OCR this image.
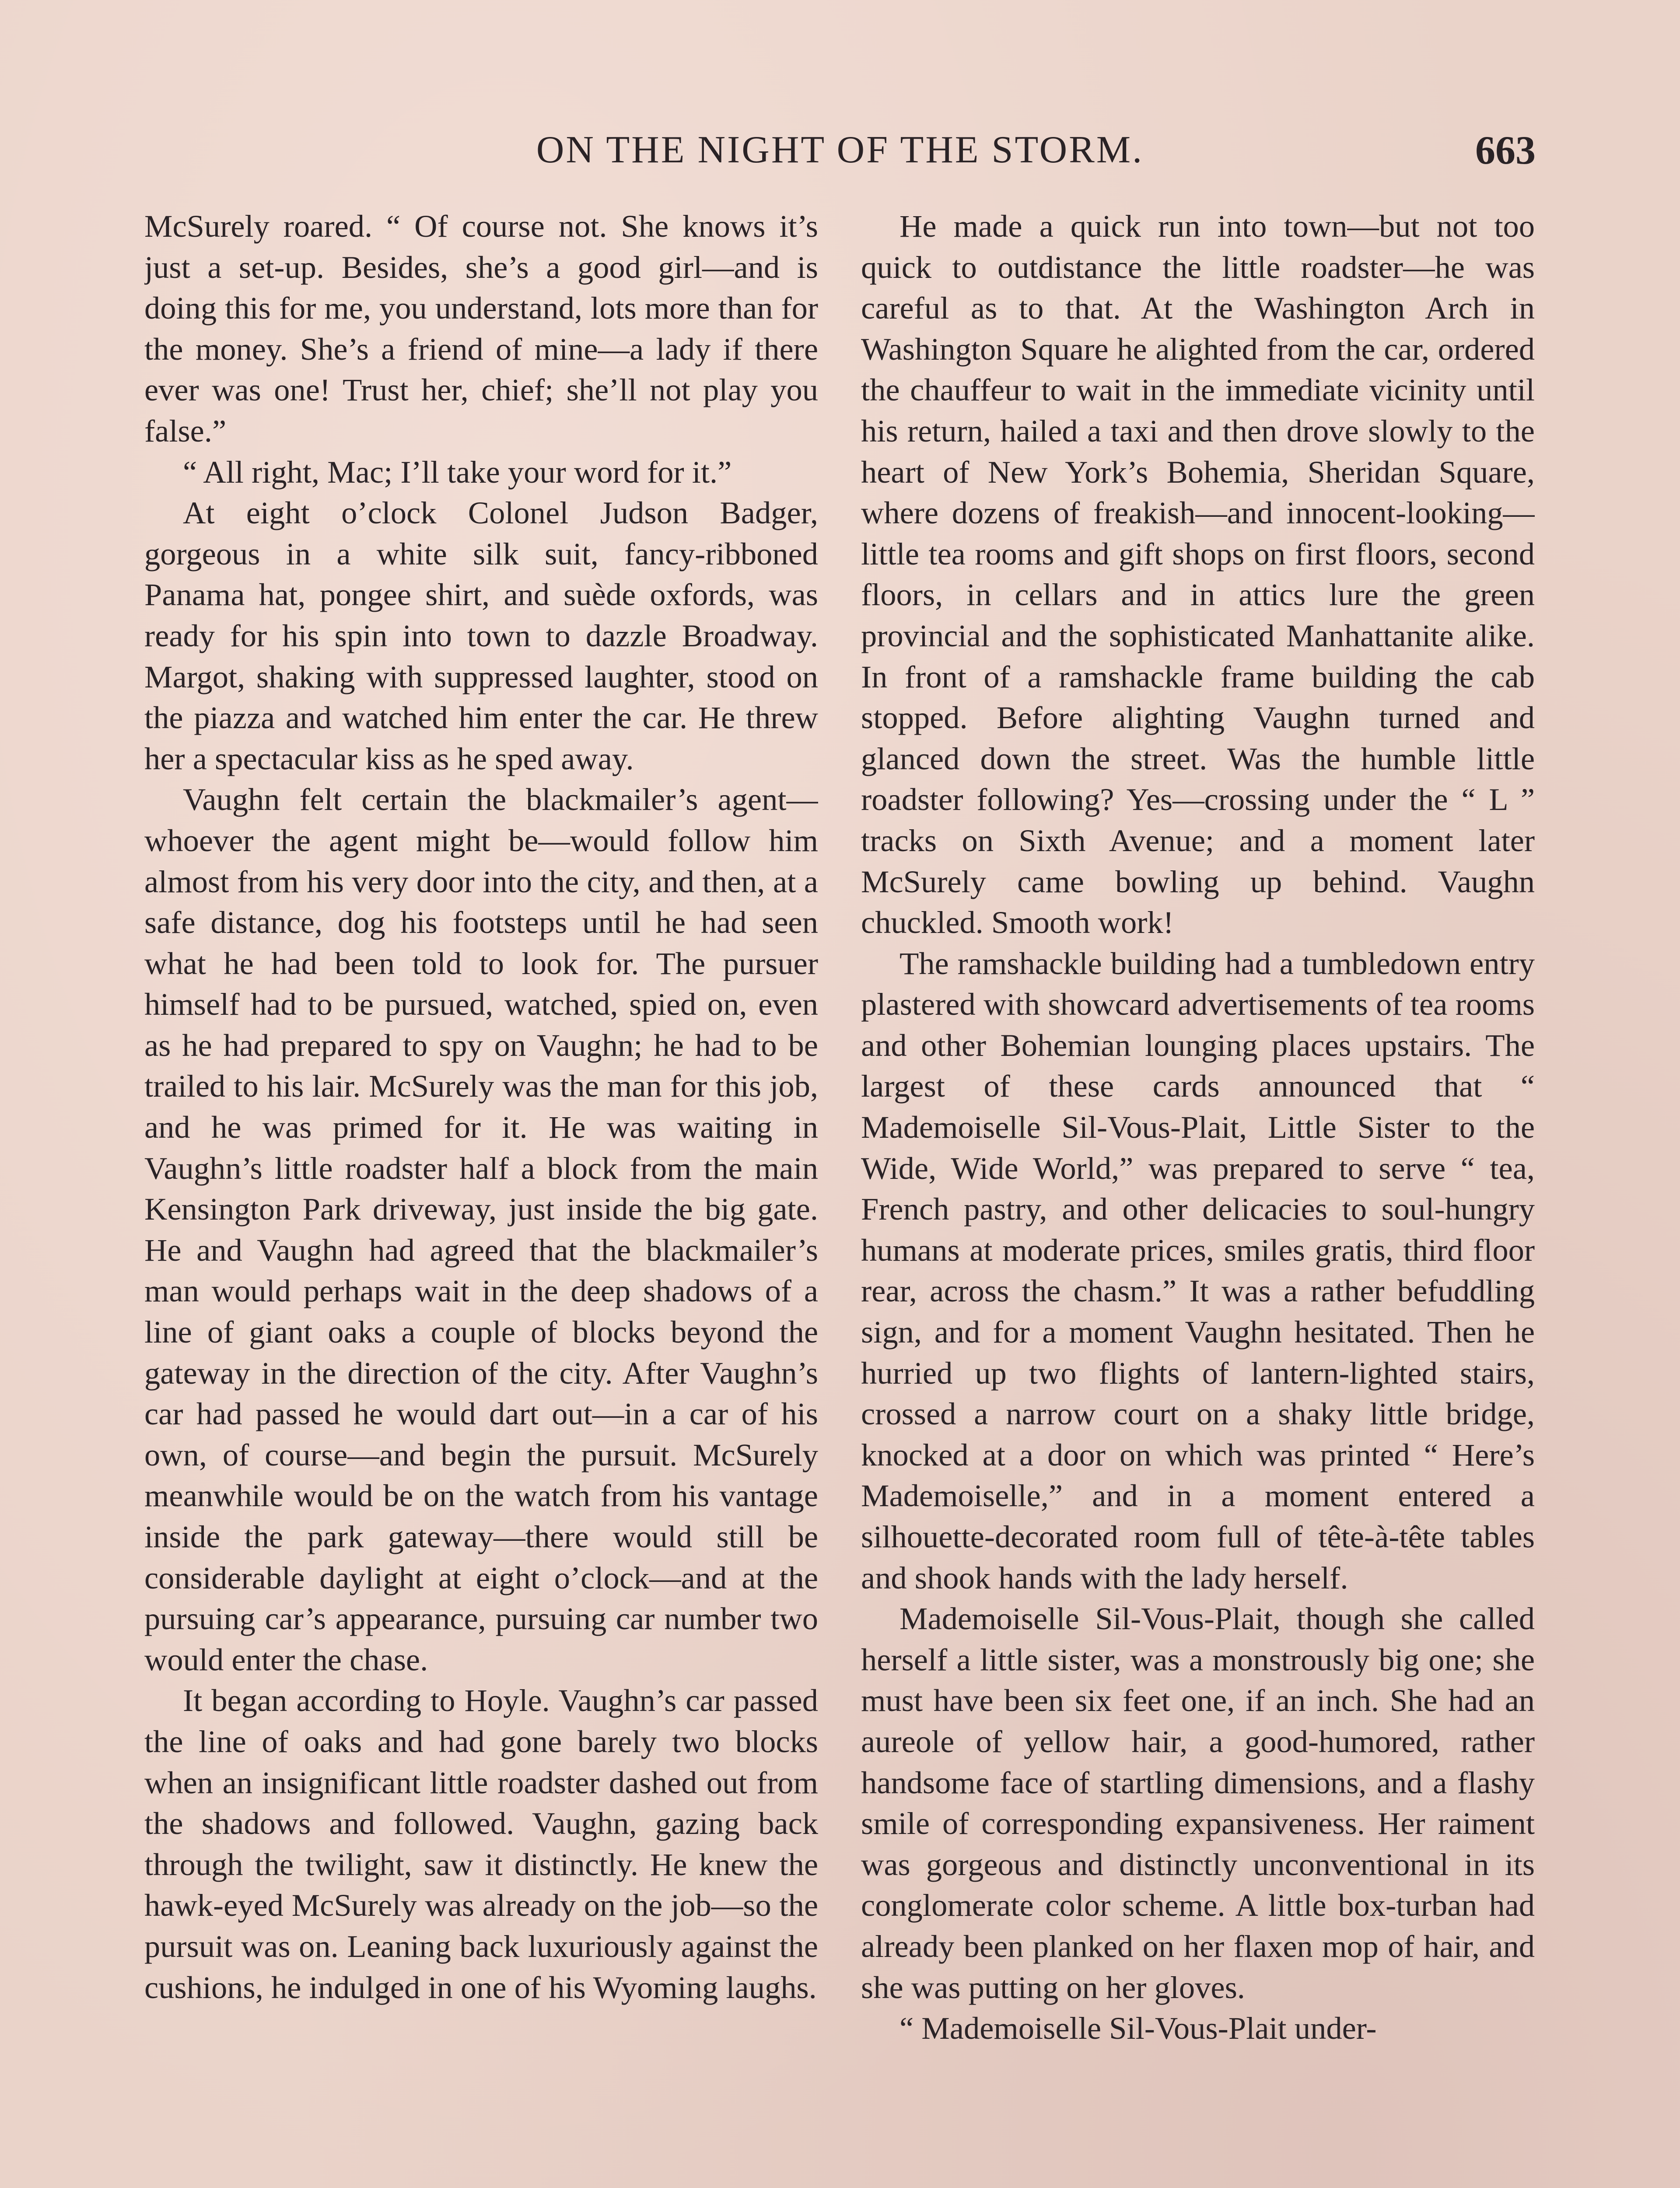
ON THE NIGHT OF THE STORM.	663

McSurely roared. “ Of course not. She knows it’s just a set-up. Besides, she’s a good girl—and is doing this for me, you understand, lots more than for the money. She’s a friend of mine—a lady if there ever was one! Trust her, chief; she’ll not play you false.”

“ All right, Mac; I’ll take your word for it.”

At eight o’clock Colonel Judson Badger, gorgeous in a white silk suit, fancy-ribboned Panama hat, pongee shirt, and suède oxfords, was ready for his spin into town to dazzle Broadway. Margot, shaking with suppressed laughter, stood on the piazza and watched him enter the car. He threw her a spectacular kiss as he sped away.

Vaughn felt certain the blackmailer’s agent—whoever the agent might be—would follow him almost from his very door into the city, and then, at a safe distance, dog his footsteps until he had seen what he had been told to look for. The pursuer himself had to be pursued, watched, spied on, even as he had prepared to spy on Vaughn; he had to be trailed to his lair. McSurely was the man for this job, and he was primed for it. He was waiting in Vaughn’s little roadster half a block from the main Kensington Park driveway, just inside the big gate. He and Vaughn had agreed that the blackmailer’s man would perhaps wait in the deep shadows of a line of giant oaks a couple of blocks beyond the gateway in the direction of the city. After Vaughn’s car had passed he would dart out—in a car of his own, of course—and begin the pursuit. McSurely meanwhile would be on the watch from his vantage inside the park gateway—there would still be considerable daylight at eight o’clock—and at the pursuing car’s appearance, pursuing car number two would enter the chase.

It began according to Hoyle. Vaughn’s car passed the line of oaks and had gone barely two blocks when an insignificant little roadster dashed out from the shadows and followed. Vaughn, gazing back through the twilight, saw it distinctly. He knew the hawk-eyed McSurely was already on the job—so the pursuit was on. Leaning back luxuriously against the cushions, he indulged in one of his Wyoming laughs.

He made a quick run into town—but not too quick to outdistance the little roadster—he was careful as to that. At the Washington Arch in Washington Square he alighted from the car, ordered the chauffeur to wait in the immediate vicinity until his return, hailed a taxi and then drove slowly to the heart of New York’s Bohemia, Sheridan Square, where dozens of freakish—and innocent-looking—little tea rooms and gift shops on first floors, second floors, in cellars and in attics lure the green provincial and the sophisticated Manhattanite alike. In front of a ramshackle frame building the cab stopped. Before alighting Vaughn turned and glanced down the street. Was the humble little roadster following? Yes—crossing under the “ L ” tracks on Sixth Avenue; and a moment later McSurely came bowling up behind. Vaughn chuckled. Smooth work!

The ramshackle building had a tumbledown entry plastered with showcard advertisements of tea rooms and other Bohemian lounging places upstairs. The largest of these cards announced that “ Mademoiselle Sil-Vous-Plait, Little Sister to the Wide, Wide World,” was prepared to serve “ tea, French pastry, and other delicacies to soul-hungry humans at moderate prices, smiles gratis, third floor rear, across the chasm.” It was a rather befuddling sign, and for a moment Vaughn hesitated. Then he hurried up two flights of lantern-lighted stairs, crossed a narrow court on a shaky little bridge, knocked at a door on which was printed “ Here’s Mademoiselle,” and in a moment entered a silhouette-decorated room full of tête-à-tête tables and shook hands with the lady herself.

Mademoiselle Sil-Vous-Plait, though she called herself a little sister, was a monstrously big one; she must have been six feet one, if an inch. She had an aureole of yellow hair, a good-humored, rather handsome face of startling dimensions, and a flashy smile of corresponding expansiveness. Her raiment was gorgeous and distinctly unconventional in its conglomerate color scheme. A little box-turban had already been planked on her flaxen mop of hair, and she was putting on her gloves.

“ Mademoiselle Sil-Vous-Plait under-
